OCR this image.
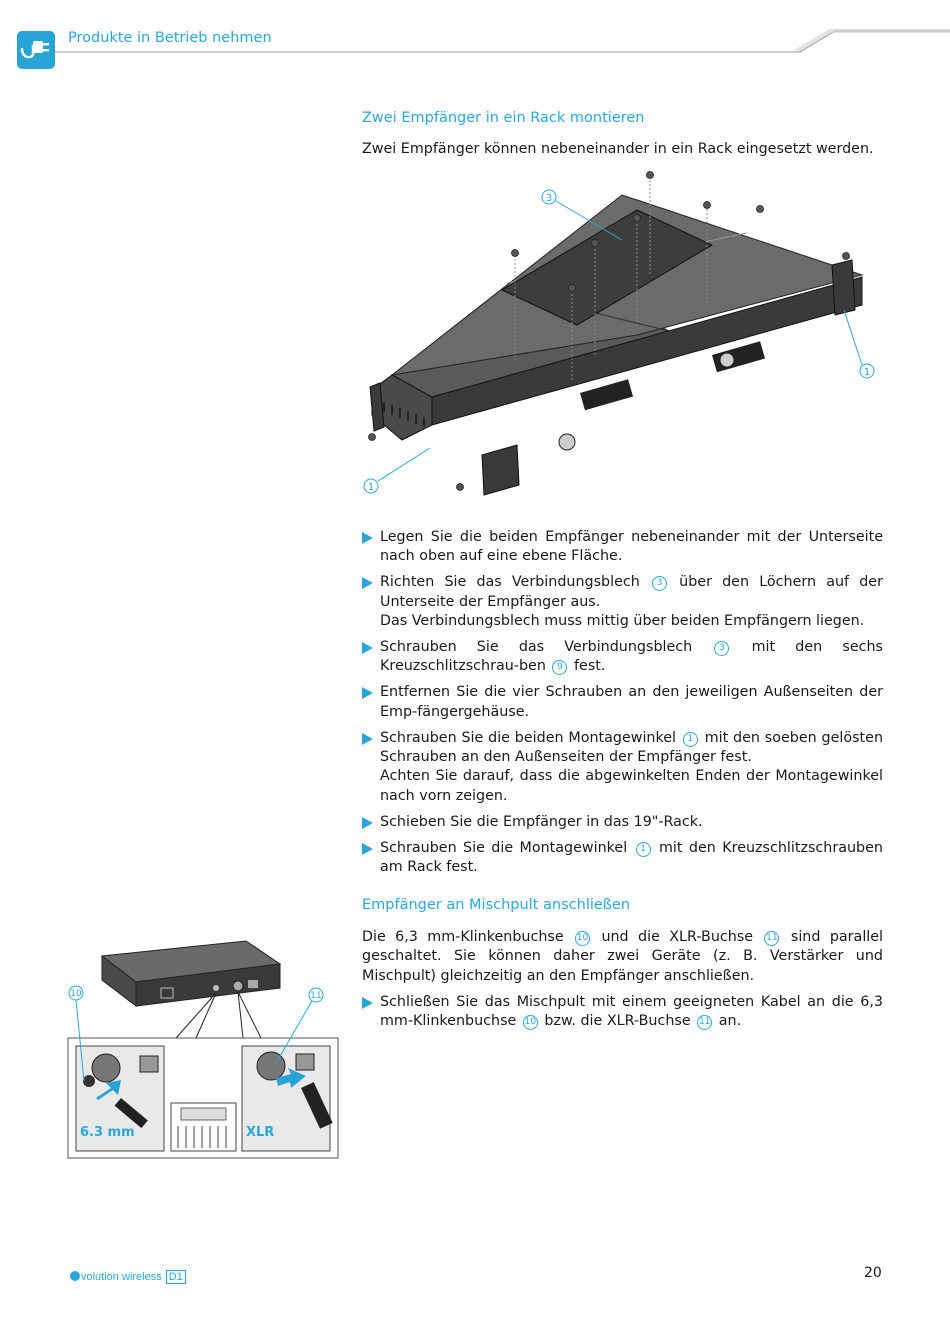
Produkte in Betrieb nehmen
Zwei Empfänger in ein Rack montieren
Zwei Empfänger können nebeneinander in ein Rack eingesetzt werden.
3
1
1
Legen Sie die beiden Empfänger nebeneinander mit der Unterseite nach oben auf eine ebene Fläche.
Richten Sie das Verbindungsblech 3 über den Löchern auf der Unterseite der Empfänger aus.
Das Verbindungsblech muss mittig über beiden Empfängern liegen.
Schrauben Sie das Verbindungsblech	3 mit den sechs Kreuzschlitzschrau-ben 9 fest.
Entfernen Sie die vier Schrauben an den jeweiligen Außenseiten der Emp-fängergehäuse.
Schrauben Sie die beiden Montagewinkel 1 mit den soeben gelösten Schrauben an den Außenseiten der Empfänger fest.
Achten Sie darauf, dass die abgewinkelten Enden der Montagewinkel nach vorn zeigen.
Schieben Sie die Empfänger in das 19"-Rack.
Schrauben Sie die Montagewinkel 1 mit den Kreuzschlitzschrauben am Rack fest.
Empfänger an Mischpult anschließen
Die 6,3 mm-Klinkenbuchse 10 und die XLR-Buchse 11 sind parallel geschaltet. Sie können daher zwei Geräte (z. B. Verstärker und Mischpult) gleichzeitig an den Empfänger anschließen.
Schließen Sie das Mischpult mit einem geeigneten Kabel an die 6,3 mm-Klinkenbuchse 10 bzw. die XLR-Buchse 11 an.
10	11
6.3 mm	XLR
volution wireless D1	20
